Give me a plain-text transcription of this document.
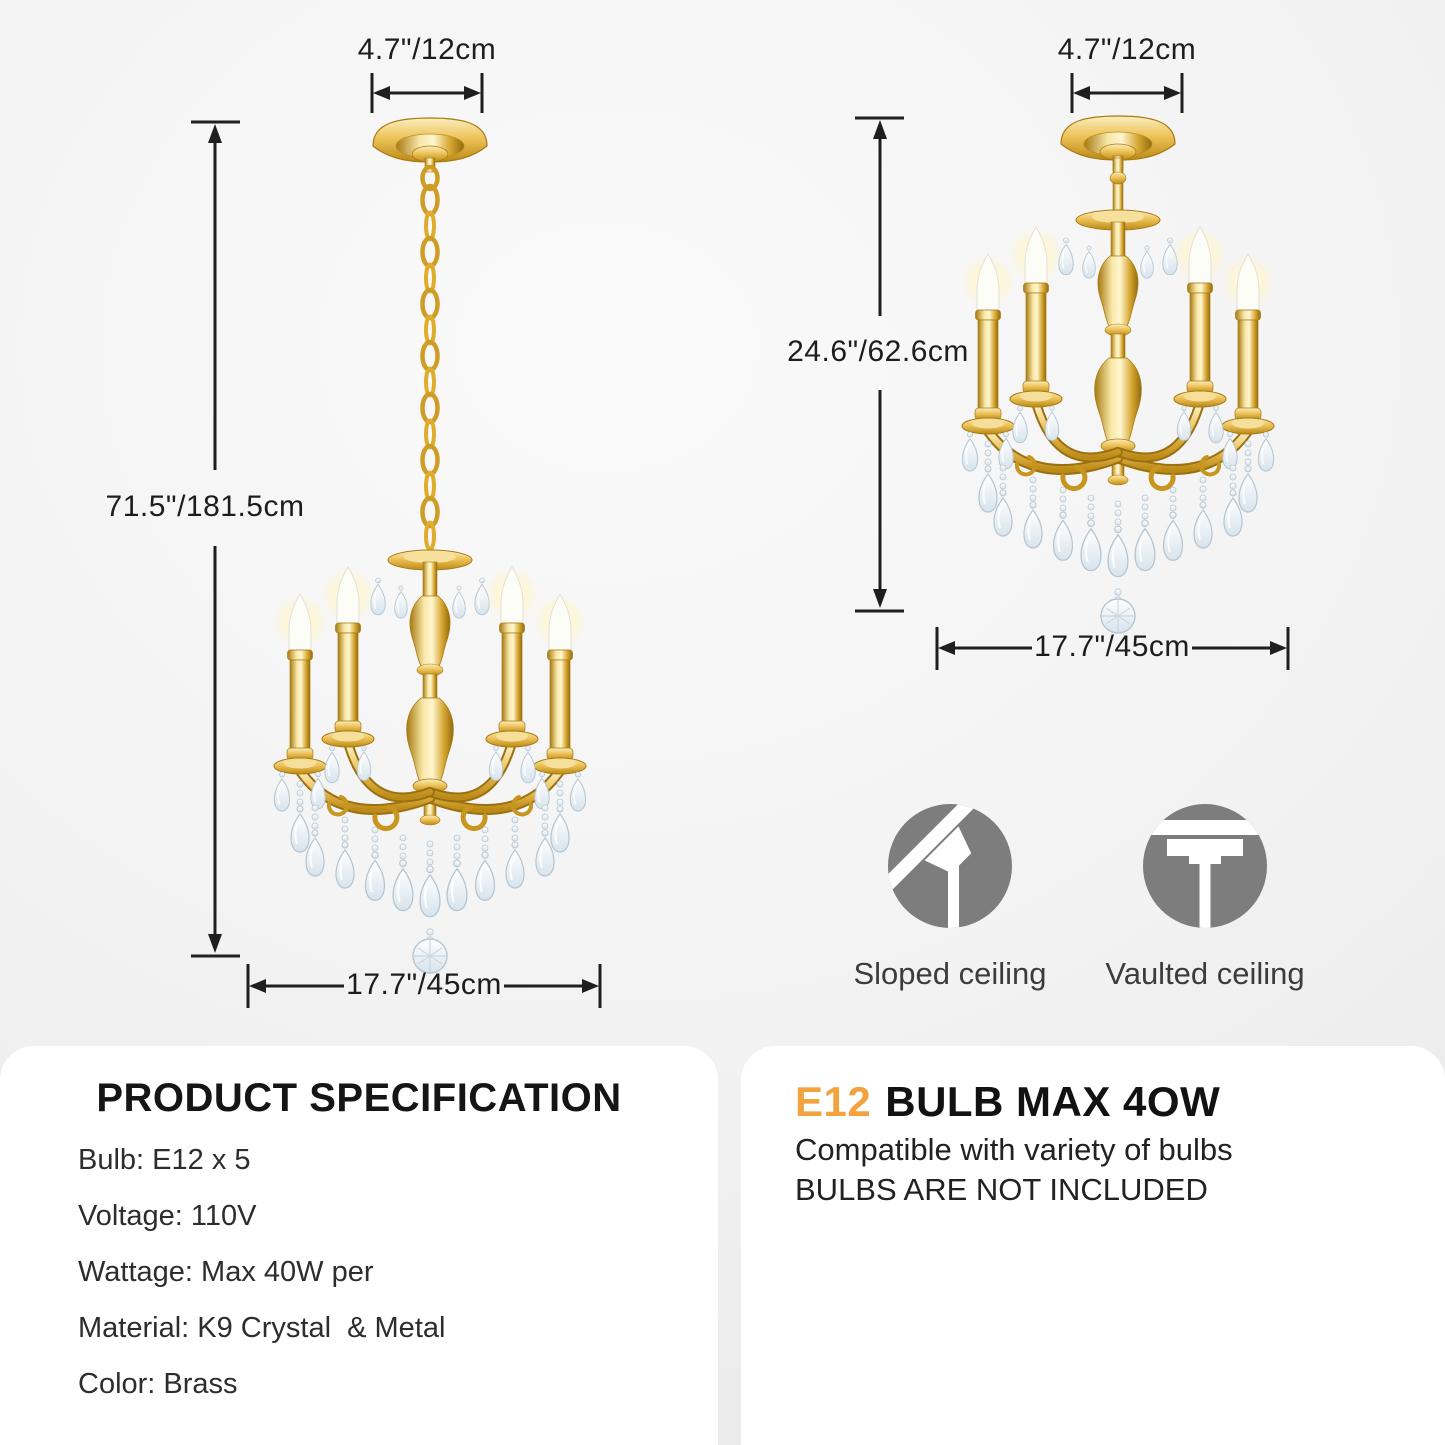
4.7"/12cm
71.5"/181.5cm
17.7"/45cm
4.7"/12cm
24.6"/62.6cm
17.7"/45cm
Sloped ceiling Vaulted ceiling
PRODUCT SPECIFICATION
Bulb: E12 x 5
Voltage: 110V
Wattage: Max 40W per
Material: K9 Crystal  & Metal
Color: Brass
E12 BULB MAX 4OW
Compatible with variety of bulbs
BULBS ARE NOT INCLUDED
